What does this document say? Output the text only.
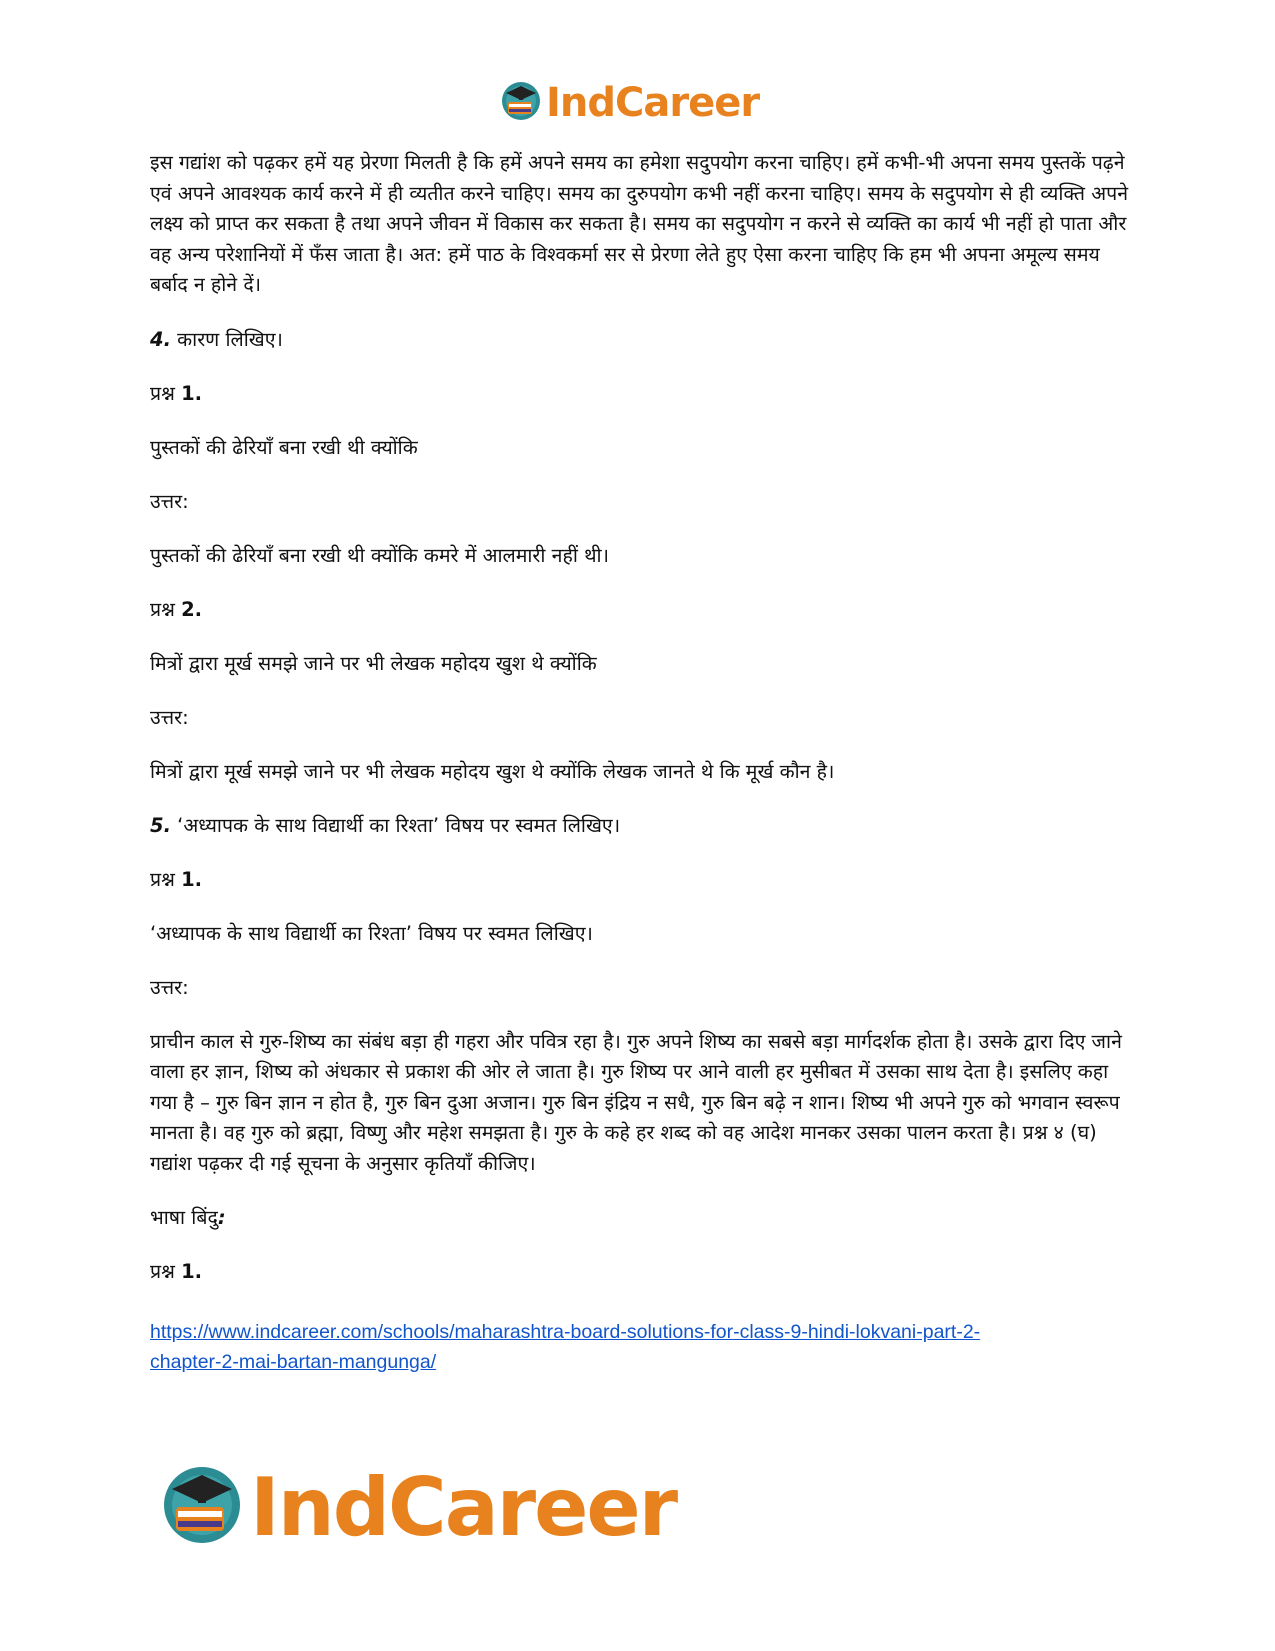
IndCareer

इस गद्यांश को पढ़कर हमें यह प्रेरणा मिलती है कि हमें अपने समय का हमेशा सदुपयोग करना चाहिए। हमें कभी-भी अपना समय पुस्तकें पढ़ने एवं अपने आवश्यक कार्य करने में ही व्यतीत करने चाहिए। समय का दुरुपयोग कभी नहीं करना चाहिए। समय के सदुपयोग से ही व्यक्ति अपने लक्ष्य को प्राप्त कर सकता है तथा अपने जीवन में विकास कर सकता है। समय का सदुपयोग न करने से व्यक्ति का कार्य भी नहीं हो पाता और वह अन्य परेशानियों में फँस जाता है। अत: हमें पाठ के विश्वकर्मा सर से प्रेरणा लेते हुए ऐसा करना चाहिए कि हम भी अपना अमूल्य समय बर्बाद न होने दें।

4. कारण लिखिए।

प्रश्न 1.

पुस्तकों की ढेरियाँ बना रखी थी क्योंकि

उत्तर:

पुस्तकों की ढेरियाँ बना रखी थी क्योंकि कमरे में आलमारी नहीं थी।

प्रश्न 2.

मित्रों द्वारा मूर्ख समझे जाने पर भी लेखक महोदय खुश थे क्योंकि

उत्तर:

मित्रों द्वारा मूर्ख समझे जाने पर भी लेखक महोदय खुश थे क्योंकि लेखक जानते थे कि मूर्ख कौन है।

5. ‘अध्यापक के साथ विद्यार्थी का रिश्ता’ विषय पर स्वमत लिखिए।

प्रश्न 1.

‘अध्यापक के साथ विद्यार्थी का रिश्ता’ विषय पर स्वमत लिखिए।

उत्तर:

प्राचीन काल से गुरु-शिष्य का संबंध बड़ा ही गहरा और पवित्र रहा है। गुरु अपने शिष्य का सबसे बड़ा मार्गदर्शक होता है। उसके द्वारा दिए जाने वाला हर ज्ञान, शिष्य को अंधकार से प्रकाश की ओर ले जाता है। गुरु शिष्य पर आने वाली हर मुसीबत में उसका साथ देता है। इसलिए कहा गया है – गुरु बिन ज्ञान न होत है, गुरु बिन दुआ अजान। गुरु बिन इंद्रिय न सधै, गुरु बिन बढ़े न शान। शिष्य भी अपने गुरु को भगवान स्वरूप मानता है। वह गुरु को ब्रह्मा, विष्णु और महेश समझता है। गुरु के कहे हर शब्द को वह आदेश मानकर उसका पालन करता है। प्रश्न ४ (घ) गद्यांश पढ़कर दी गई सूचना के अनुसार कृतियाँ कीजिए।

भाषा बिंदु:

प्रश्न 1.

https://www.indcareer.com/schools/maharashtra-board-solutions-for-class-9-hindi-lokvani-part-2-
chapter-2-mai-bartan-mangunga/
IndCareer
